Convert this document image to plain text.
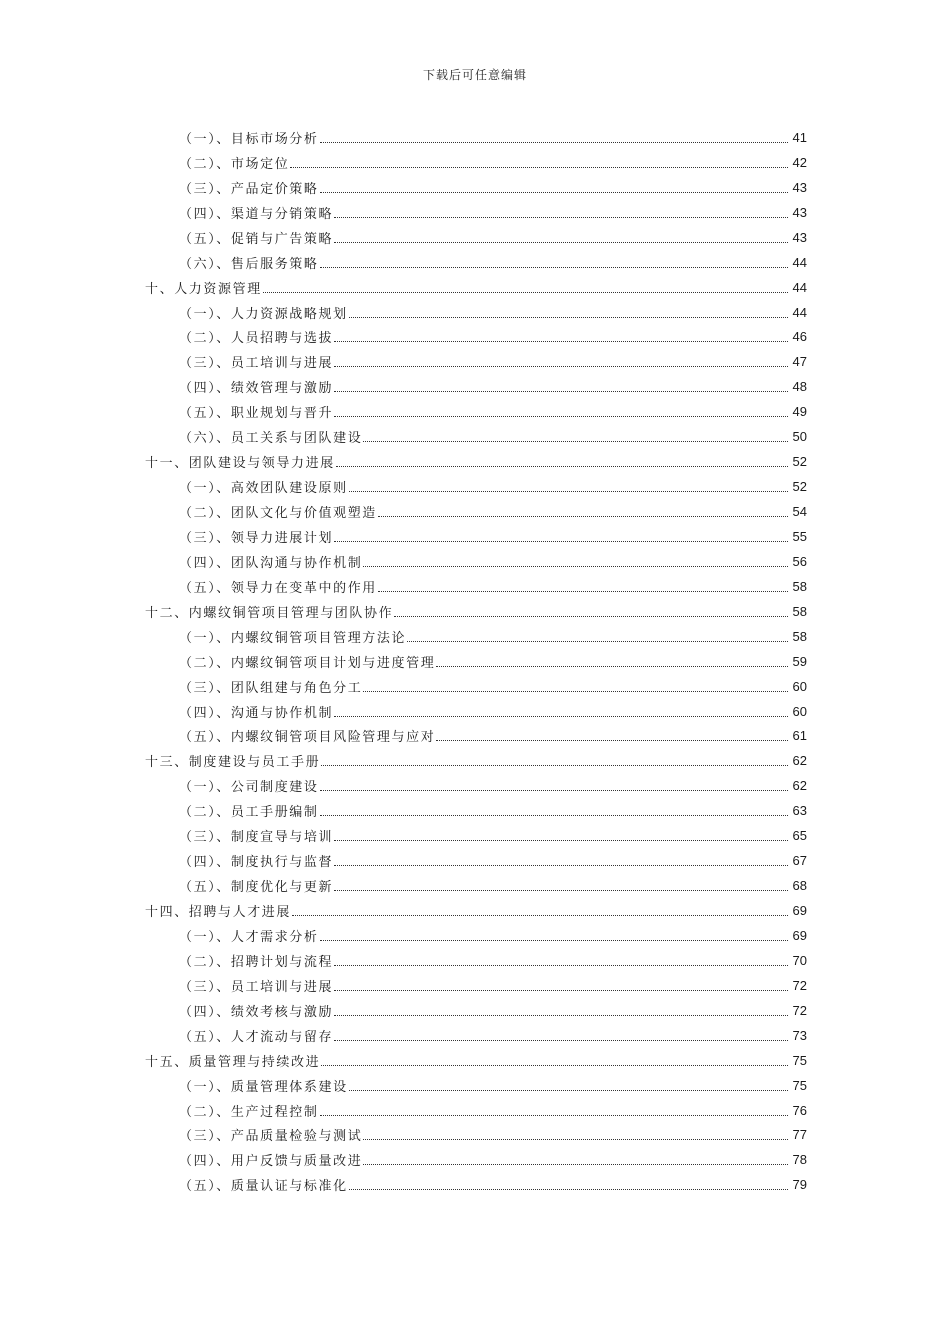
下载后可任意编辑
（一）、目标市场分析	41
（二）、市场定位	42
（三）、产品定价策略	43
（四）、渠道与分销策略	43
（五）、促销与广告策略	43
（六）、售后服务策略	44
十、人力资源管理	44
（一）、人力资源战略规划	44
（二）、人员招聘与选拔	46
（三）、员工培训与进展	47
（四）、绩效管理与激励	48
（五）、职业规划与晋升	49
（六）、员工关系与团队建设	50
十一、团队建设与领导力进展	52
（一）、高效团队建设原则	52
（二）、团队文化与价值观塑造	54
（三）、领导力进展计划	55
（四）、团队沟通与协作机制	56
（五）、领导力在变革中的作用	58
十二、内螺纹铜管项目管理与团队协作	58
（一）、内螺纹铜管项目管理方法论	58
（二）、内螺纹铜管项目计划与进度管理	59
（三）、团队组建与角色分工	60
（四）、沟通与协作机制	60
（五）、内螺纹铜管项目风险管理与应对	61
十三、制度建设与员工手册	62
（一）、公司制度建设	62
（二）、员工手册编制	63
（三）、制度宣导与培训	65
（四）、制度执行与监督	67
（五）、制度优化与更新	68
十四、招聘与人才进展	69
（一）、人才需求分析	69
（二）、招聘计划与流程	70
（三）、员工培训与进展	72
（四）、绩效考核与激励	72
（五）、人才流动与留存	73
十五、质量管理与持续改进	75
（一）、质量管理体系建设	75
（二）、生产过程控制	76
（三）、产品质量检验与测试	77
（四）、用户反馈与质量改进	78
（五）、质量认证与标准化	79
